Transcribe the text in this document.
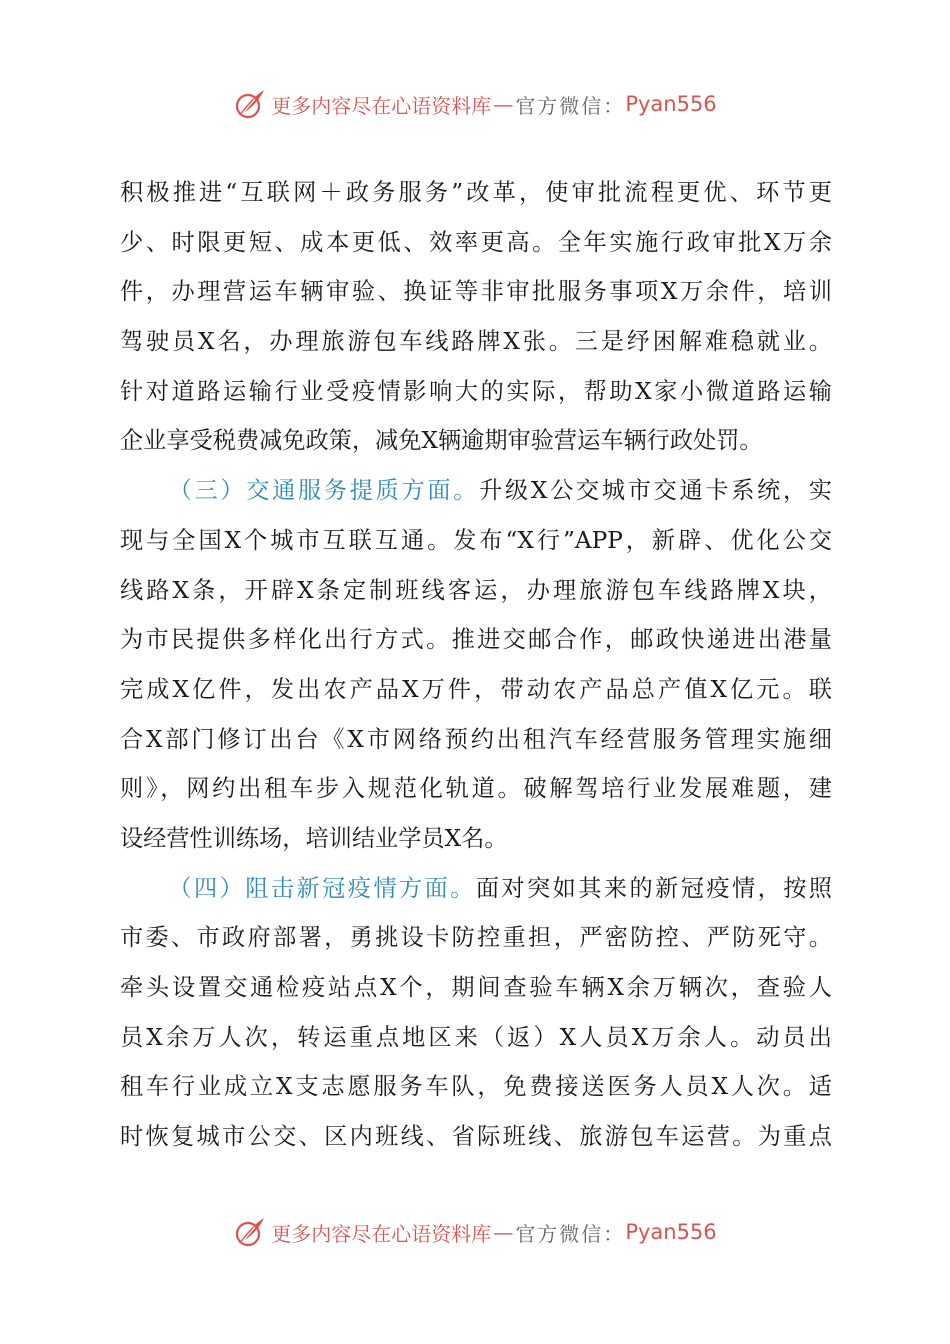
更多内容尽在心语资料库 — 官方微信： Pyan556
积极推进“互联网＋政务服务”改革，使审批流程更优、环节更
少、时限更短、成本更低、效率更高。全年实施行政审批X万余
件，办理营运车辆审验、换证等非审批服务事项X万余件，培训
驾驶员X名，办理旅游包车线路牌X张。三是纾困解难稳就业。
针对道路运输行业受疫情影响大的实际，帮助X家小微道路运输
企业享受税费减免政策，减免X辆逾期审验营运车辆行政处罚。
（三）交通服务提质方面。升级X公交城市交通卡系统，实
现与全国X个城市互联互通。发布“X行”APP，新辟、优化公交
线路X条，开辟X条定制班线客运，办理旅游包车线路牌X块，
为市民提供多样化出行方式。推进交邮合作，邮政快递进出港量
完成X亿件，发出农产品X万件，带动农产品总产值X亿元。联
合X部门修订出台《X市网络预约出租汽车经营服务管理实施细
则》，网约出租车步入规范化轨道。破解驾培行业发展难题，建
设经营性训练场，培训结业学员X名。
（四）阻击新冠疫情方面。面对突如其来的新冠疫情，按照
市委、市政府部署，勇挑设卡防控重担，严密防控、严防死守。
牵头设置交通检疫站点X个，期间查验车辆X余万辆次，查验人
员X余万人次，转运重点地区来（返）X人员X万余人。动员出
租车行业成立X支志愿服务车队，免费接送医务人员X人次。适
时恢复城市公交、区内班线、省际班线、旅游包车运营。为重点
更多内容尽在心语资料库 — 官方微信： Pyan556
